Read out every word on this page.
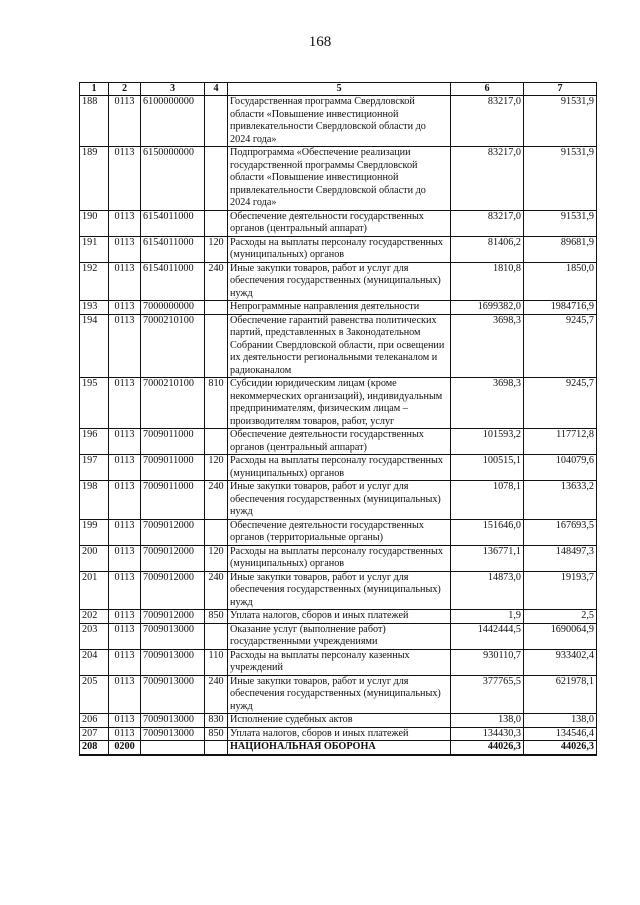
168
1	2	3	4	5	6	7
188	0113	6100000000		Государственная программа Свердловской области «Повышение инвестиционной привлекательности Свердловской области до 2024 года»	83217,0	91531,9
189	0113	6150000000		Подпрограмма «Обеспечение реализации государственной программы Свердловской области «Повышение инвестиционной привлекательности Свердловской области до 2024 года»	83217,0	91531,9
190	0113	6154011000		Обеспечение деятельности государственных органов (центральный аппарат)	83217,0	91531,9
191	0113	6154011000	120	Расходы на выплаты персоналу государственных (муниципальных) органов	81406,2	89681,9
192	0113	6154011000	240	Иные закупки товаров, работ и услуг для обеспечения государственных (муниципальных) нужд	1810,8	1850,0
193	0113	7000000000		Непрограммные направления деятельности	1699382,0	1984716,9
194	0113	7000210100		Обеспечение гарантий равенства политических партий, представленных в Законодательном Собрании Свердловской области, при освещении их деятельности региональными телеканалом и радиоканалом	3698,3	9245,7
195	0113	7000210100	810	Субсидии юридическим лицам (кроме некоммерческих организаций), индивидуальным предпринимателям, физическим лицам – производителям товаров, работ, услуг	3698,3	9245,7
196	0113	7009011000		Обеспечение деятельности государственных органов (центральный аппарат)	101593,2	117712,8
197	0113	7009011000	120	Расходы на выплаты персоналу государственных (муниципальных) органов	100515,1	104079,6
198	0113	7009011000	240	Иные закупки товаров, работ и услуг для обеспечения государственных (муниципальных) нужд	1078,1	13633,2
199	0113	7009012000		Обеспечение деятельности государственных органов (территориальные органы)	151646,0	167693,5
200	0113	7009012000	120	Расходы на выплаты персоналу государственных (муниципальных) органов	136771,1	148497,3
201	0113	7009012000	240	Иные закупки товаров, работ и услуг для обеспечения государственных (муниципальных) нужд	14873,0	19193,7
202	0113	7009012000	850	Уплата налогов, сборов и иных платежей	1,9	2,5
203	0113	7009013000		Оказание услуг (выполнение работ) государственными учреждениями	1442444,5	1690064,9
204	0113	7009013000	110	Расходы на выплаты персоналу казенных учреждений	930110,7	933402,4
205	0113	7009013000	240	Иные закупки товаров, работ и услуг для обеспечения государственных (муниципальных) нужд	377765,5	621978,1
206	0113	7009013000	830	Исполнение судебных актов	138,0	138,0
207	0113	7009013000	850	Уплата налогов, сборов и иных платежей	134430,3	134546,4
208	0200			НАЦИОНАЛЬНАЯ ОБОРОНА	44026,3	44026,3
